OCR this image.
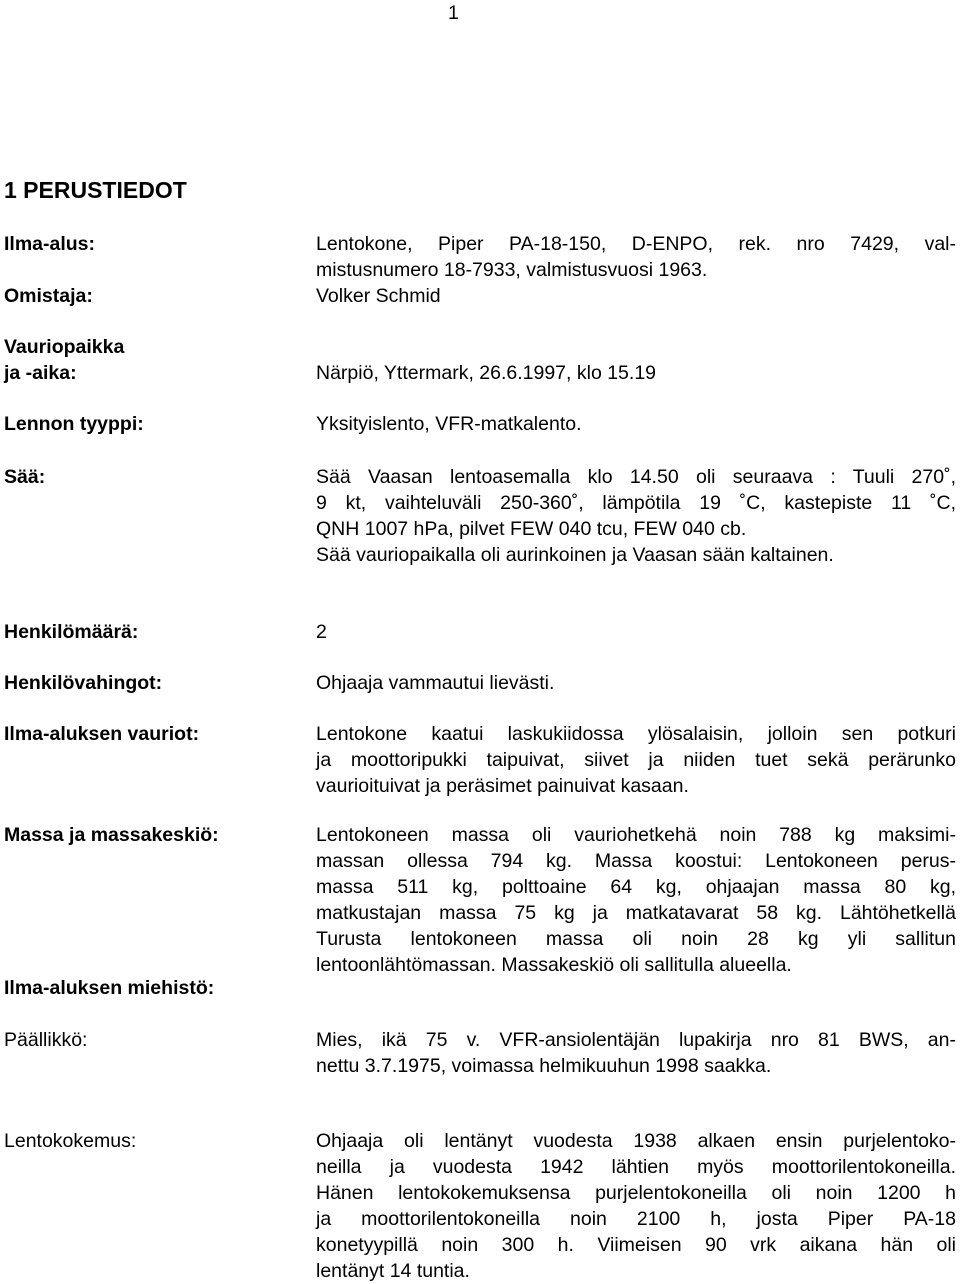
1
1 PERUSTIEDOT
Ilma-alus:	Lentokone, Piper PA-18-150, D-ENPO, rek. nro 7429, val-
mistusnumero 18-7933, valmistusvuosi 1963.
Omistaja:	Volker Schmid
Vauriopaikka
ja -aika:	Närpiö, Yttermark, 26.6.1997, klo 15.19
Lennon tyyppi:	Yksityislento, VFR-matkalento.
Sää:	Sää Vaasan lentoasemalla klo 14.50 oli seuraava : Tuuli 270˚,
9 kt, vaihteluväli 250-360˚, lämpötila 19 ˚C, kastepiste 11 ˚C,
QNH 1007 hPa, pilvet FEW 040 tcu, FEW 040 cb.
Sää vauriopaikalla oli aurinkoinen ja Vaasan sään kaltainen.
Henkilömäärä:	2
Henkilövahingot:	Ohjaaja vammautui lievästi.
Ilma-aluksen vauriot:	Lentokone kaatui laskukiidossa ylösalaisin, jolloin sen potkuri
ja moottoripukki taipuivat, siivet ja niiden tuet sekä perärunko
vaurioituivat ja peräsimet painuivat kasaan.
Massa ja massakeskiö:	Lentokoneen massa oli vauriohetkehä noin 788 kg maksimi-
massan ollessa 794 kg. Massa koostui: Lentokoneen perus-
massa 511 kg, polttoaine 64 kg, ohjaajan massa 80 kg,
matkustajan massa 75 kg ja matkatavarat 58 kg. Lähtöhetkellä
Turusta lentokoneen massa oli noin 28 kg yli sallitun
lentoonlähtömassan. Massakeskiö oli sallitulla alueella.
Ilma-aluksen miehistö:
Päällikkö:	Mies, ikä 75 v. VFR-ansiolentäjän lupakirja nro 81 BWS, an-
nettu 3.7.1975, voimassa helmikuuhun 1998 saakka.
Lentokokemus:	Ohjaaja oli lentänyt vuodesta 1938 alkaen ensin purjelentoko-
neilla ja vuodesta 1942 lähtien myös moottorilentokoneilla.
Hänen lentokokemuksensa purjelentokoneilla oli noin 1200 h
ja moottorilentokoneilla noin 2100 h, josta Piper PA-18
konetyypillä noin 300 h. Viimeisen 90 vrk aikana hän oli
lentänyt 14 tuntia.
